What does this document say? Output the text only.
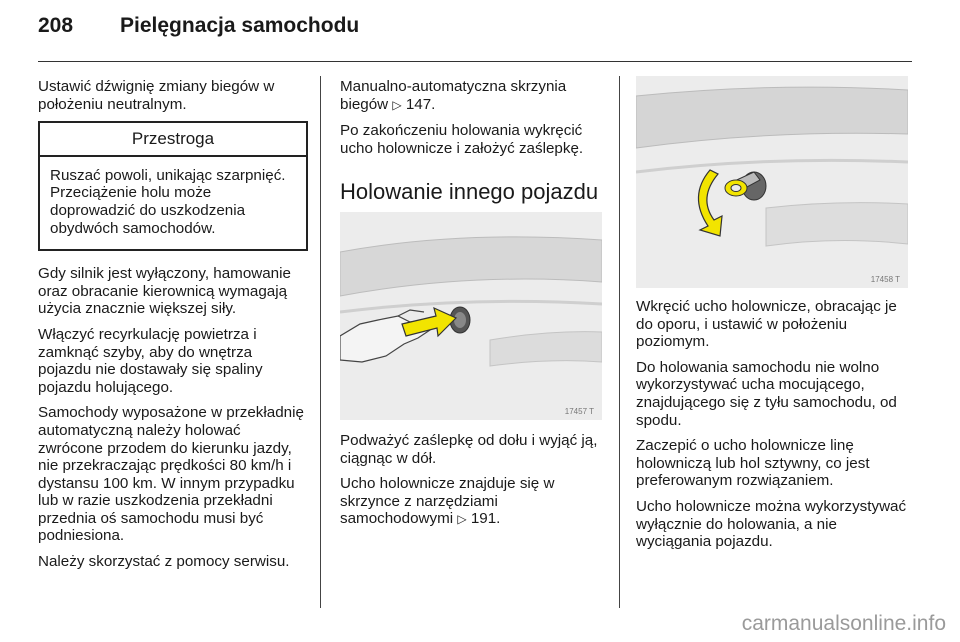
208 Pielęgnacja samochodu

Ustawić dźwignię zmiany biegów w położeniu neutralnym.

Przestroga
Ruszać powoli, unikając szarpnięć. Przeciążenie holu może doprowadzić do uszkodzenia obydwóch samochodów.

Gdy silnik jest wyłączony, hamowanie oraz obracanie kierownicą wymagają użycia znacznie większej siły.

Włączyć recyrkulację powietrza i zamknąć szyby, aby do wnętrza pojazdu nie dostawały się spaliny pojazdu holującego.

Samochody wyposażone w przekładnię automatyczną należy holować zwrócone przodem do kierunku jazdy, nie przekraczając prędkości 80 km/h i dystansu 100 km. W innym przypadku lub w razie uszkodzenia przekładni przednia oś samochodu musi być podniesiona.

Należy skorzystać z pomocy serwisu.

Manualno-automatyczna skrzynia biegów ▷ 147.

Po zakończeniu holowania wykręcić ucho holownicze i założyć zaślepkę.

Holowanie innego pojazdu
17457 T

Podważyć zaślepkę od dołu i wyjąć ją, ciągnąc w dół.

Ucho holownicze znajduje się w skrzynce z narzędziami samochodowymi ▷ 191.

17458 T

Wkręcić ucho holownicze, obracając je do oporu, i ustawić w położeniu poziomym.

Do holowania samochodu nie wolno wykorzystywać ucha mocującego, znajdującego się z tyłu samochodu, od spodu.

Zaczepić o ucho holownicze linę holowniczą lub hol sztywny, co jest preferowanym rozwiązaniem.

Ucho holownicze można wykorzystywać wyłącznie do holowania, a nie wyciągania pojazdu.

carmanualsonline.info
